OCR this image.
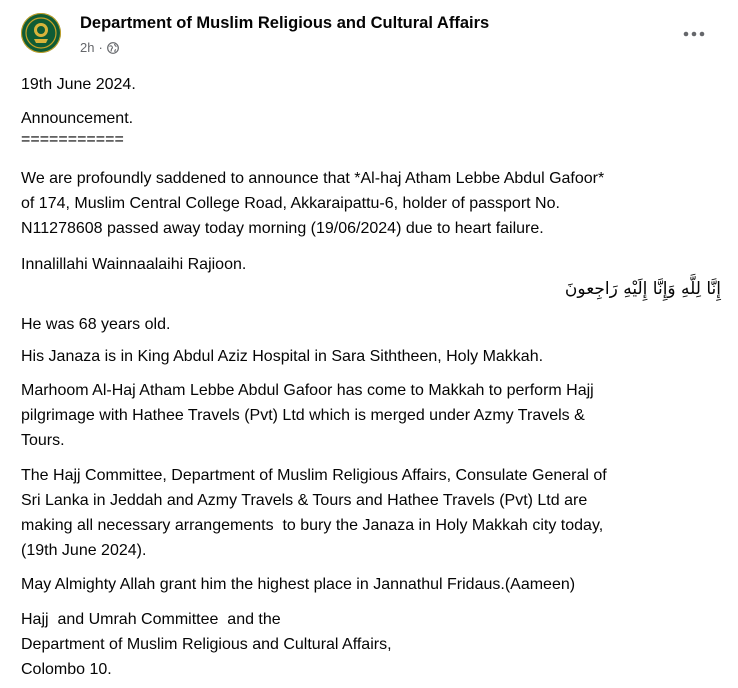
Department of Muslim Religious and Cultural Affairs
2h ·

19th June 2024.

Announcement.

===========

We are profoundly saddened to announce that *Al-haj Atham Lebbe Abdul Gafoor*

of 174, Muslim Central College Road, Akkaraipattu-6, holder of passport No.

N11278608 passed away today morning (19/06/2024) due to heart failure.

Innalillahi Wainnaalaihi Rajioon.

إِنَّا لِلَّهِ وَإِنَّا إِلَيْهِ رَاجِعونَ

He was 68 years old.

His Janaza is in King Abdul Aziz Hospital in Sara Siththeen, Holy Makkah.

Marhoom Al-Haj Atham Lebbe Abdul Gafoor has come to Makkah to perform Hajj

pilgrimage with Hathee Travels (Pvt) Ltd which is merged under Azmy Travels &

Tours.

The Hajj Committee, Department of Muslim Religious Affairs, Consulate General of

Sri Lanka in Jeddah and Azmy Travels & Tours and Hathee Travels (Pvt) Ltd are

making all necessary arrangements  to bury the Janaza in Holy Makkah city today,

(19th June 2024).

May Almighty Allah grant him the highest place in Jannathul Fridaus.(Aameen)

Hajj  and Umrah Committee  and the

Department of Muslim Religious and Cultural Affairs,

Colombo 10.
